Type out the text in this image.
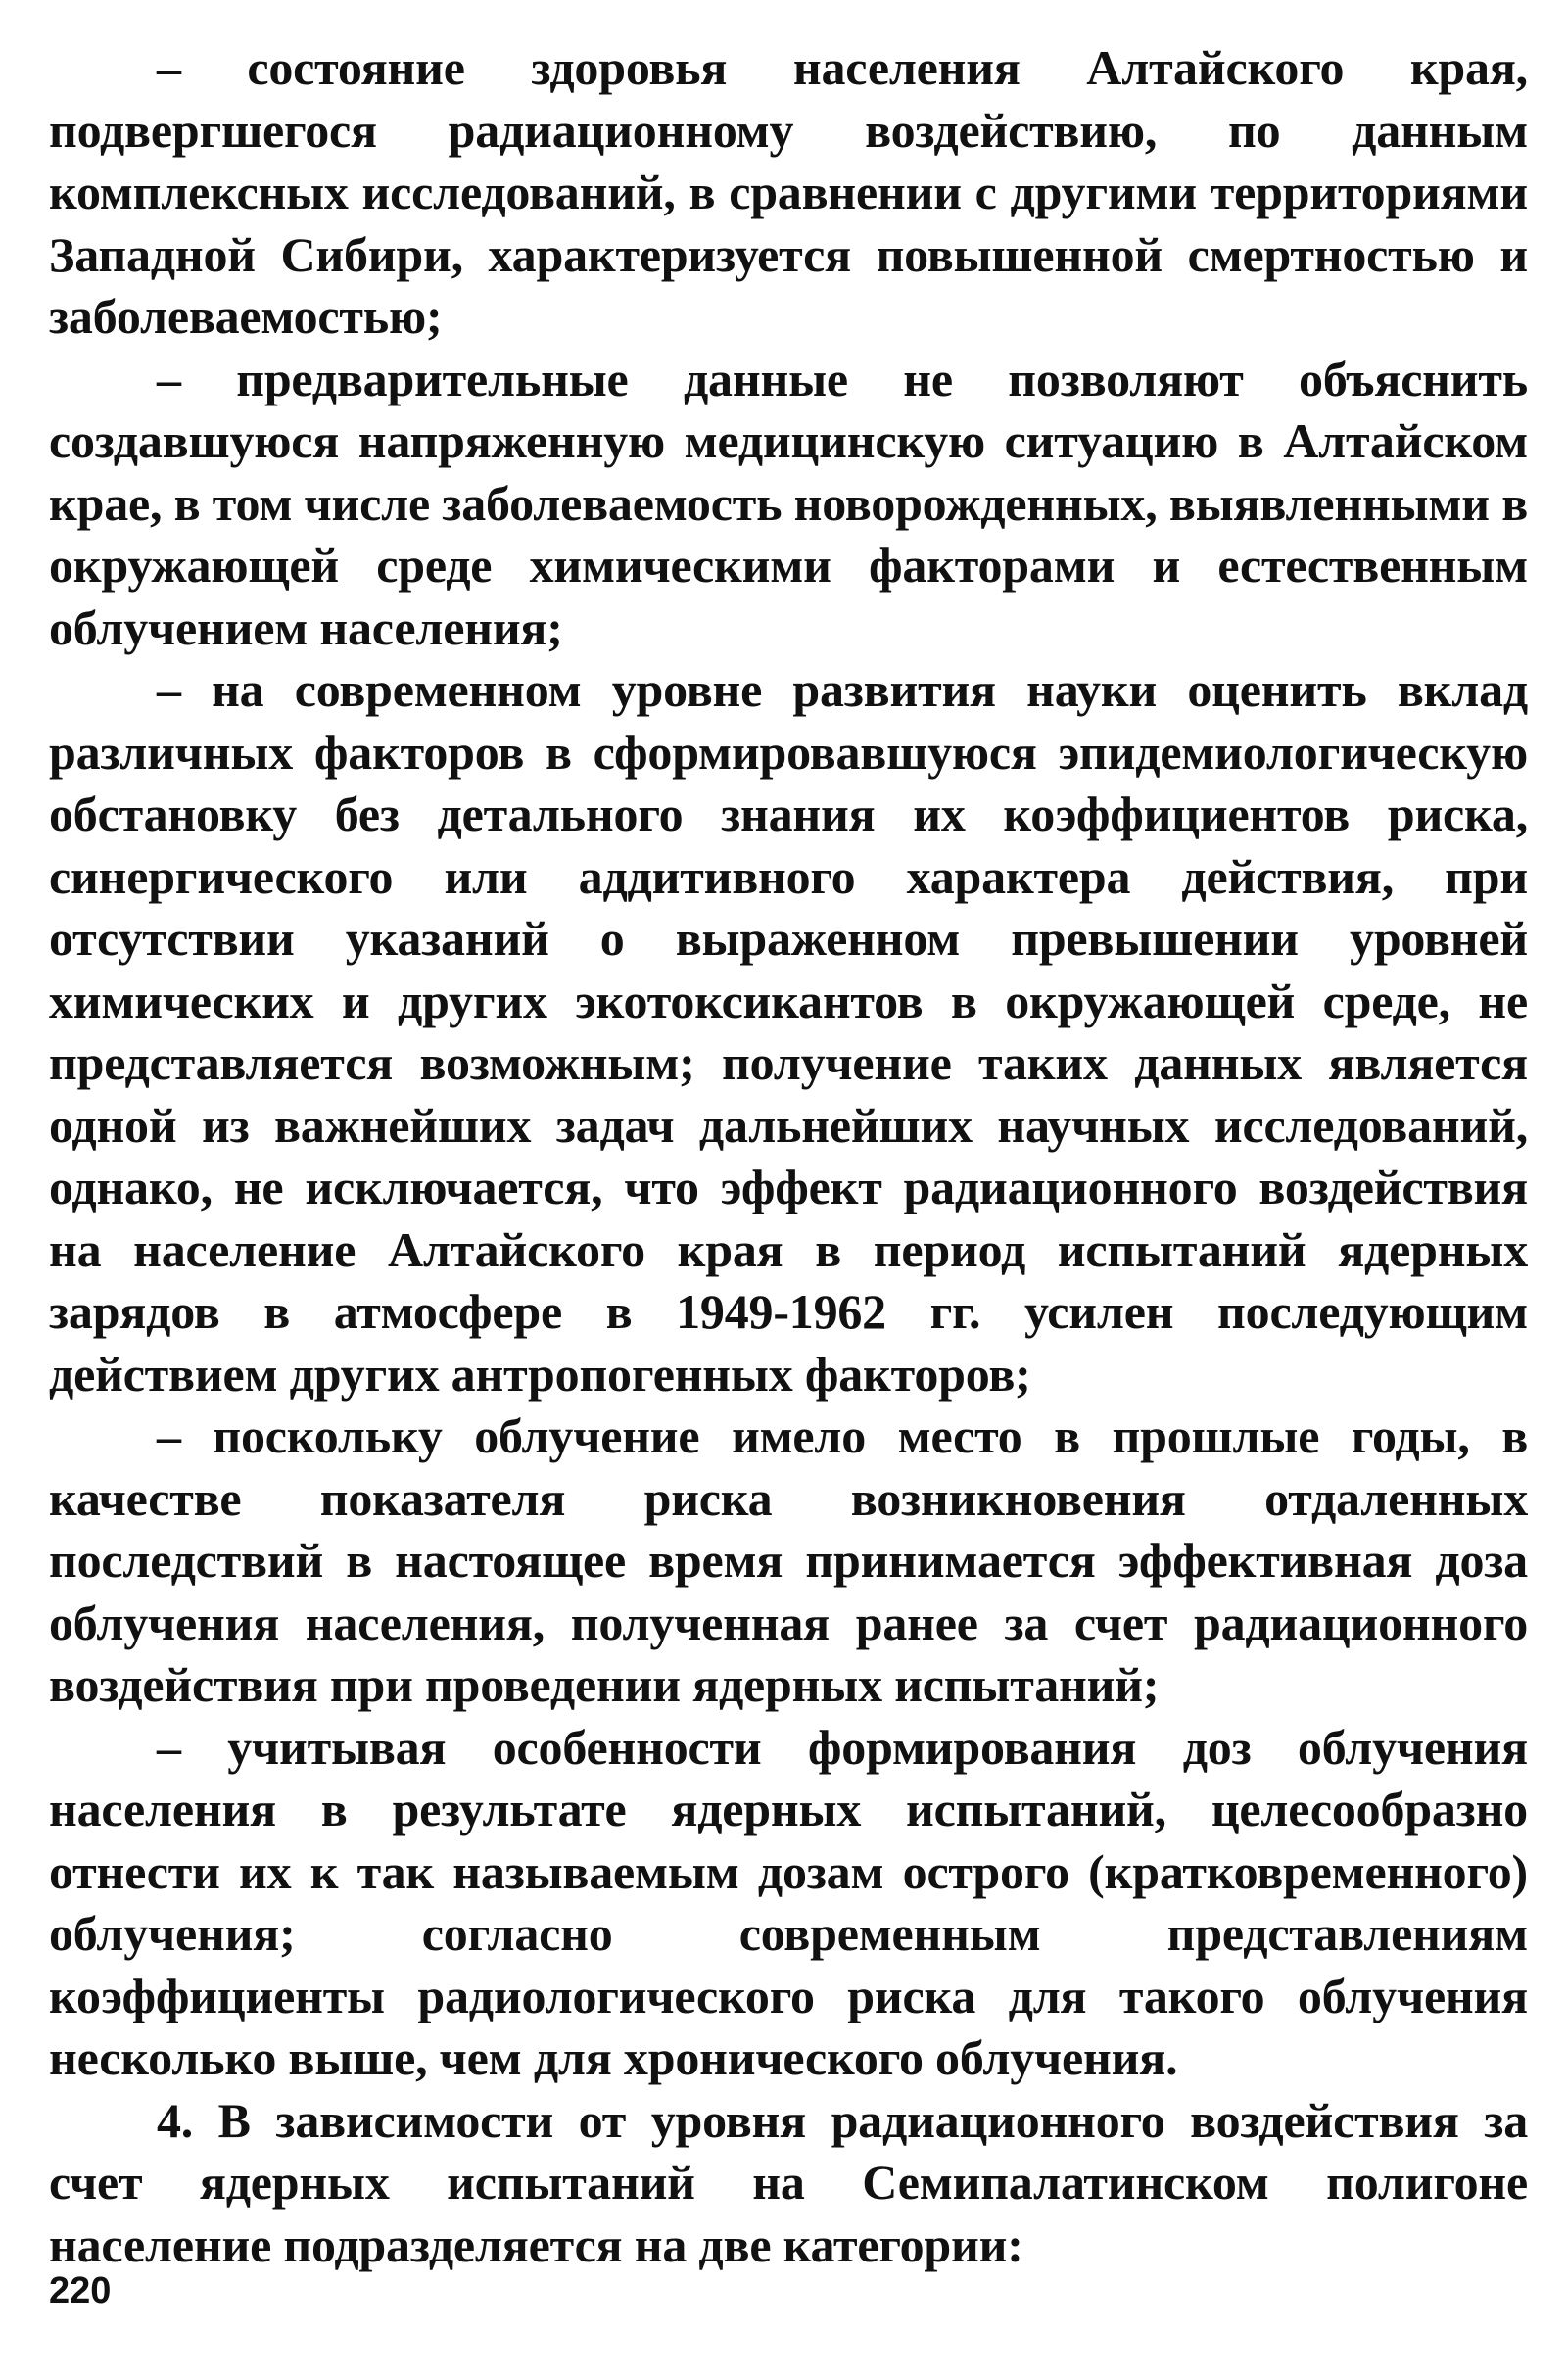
– состояние здоровья населения Алтайского края, подвергшегося радиационному воздействию, по данным комплексных исследований, в сравнении с другими территориями Западной Сибири, характеризуется повышенной смертностью и заболеваемостью;

– предварительные данные не позволяют объяснить создавшуюся напряженную медицинскую ситуацию в Алтайском крае, в том числе заболеваемость новорожденных, выявленными в окружающей среде химическими факторами и естественным облучением населения;

– на современном уровне развития науки оценить вклад различных факторов в сформировавшуюся эпидемиологическую обстановку без детального знания их коэффициентов риска, синергического или аддитивного характера действия, при отсутствии указаний о выраженном превышении уровней химических и других экотоксикантов в окружающей среде, не представляется возможным; получение таких данных является одной из важнейших задач дальнейших научных исследований, однако, не исключается, что эффект радиационного воздействия на население Алтайского края в период испытаний ядерных зарядов в атмосфере в 1949-1962 гг. усилен последующим действием других антропогенных факторов;

– поскольку облучение имело место в прошлые годы, в качестве показателя риска возникновения отдаленных последствий в настоящее время принимается эффективная доза облучения населения, полученная ранее за счет радиационного воздействия при проведении ядерных испытаний;

– учитывая особенности формирования доз облучения населения в результате ядерных испытаний, целесообразно отнести их к так называемым дозам острого (кратковременного) облучения; согласно современным представлениям коэффициенты радиологического риска для такого облучения несколько выше, чем для хронического облучения.

4. В зависимости от уровня радиационного воздействия за счет ядерных испытаний на Семипалатинском полигоне население подразделяется на две категории:

220
